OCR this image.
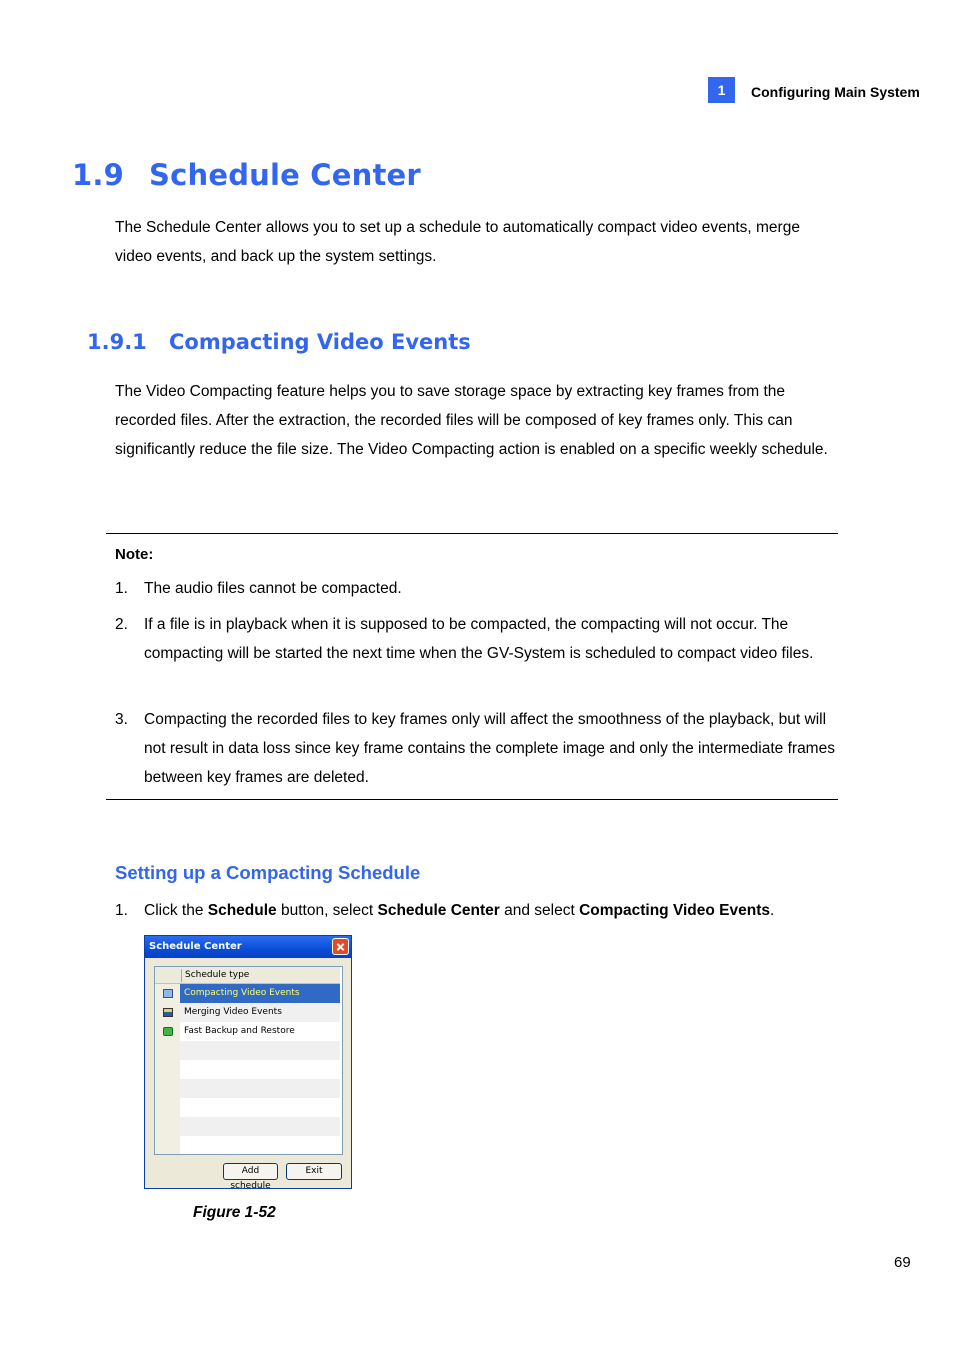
1	Configuring Main System
1.9 Schedule Center

The Schedule Center allows you to set up a schedule to automatically compact video events, merge video events, and back up the system settings.

1.9.1 Compacting Video Events

The Video Compacting feature helps you to save storage space by extracting key frames from the recorded files. After the extraction, the recorded files will be composed of key frames only. This can significantly reduce the file size. The Video Compacting action is enabled on a specific weekly schedule.

Note:
1. The audio files cannot be compacted.
2. If a file is in playback when it is supposed to be compacted, the compacting will not occur. The compacting will be started the next time when the GV-System is scheduled to compact video files.
3. Compacting the recorded files to key frames only will affect the smoothness of the playback, but will not result in data loss since key frame contains the complete image and only the intermediate frames between key frames are deleted.
Setting up a Compacting Schedule
1. Click the Schedule button, select Schedule Center and select Compacting Video Events.
Schedule Center
Schedule type
Compacting Video Events
Merging Video Events
Fast Backup and Restore
Add schedule
Exit
Figure 1-52
69
